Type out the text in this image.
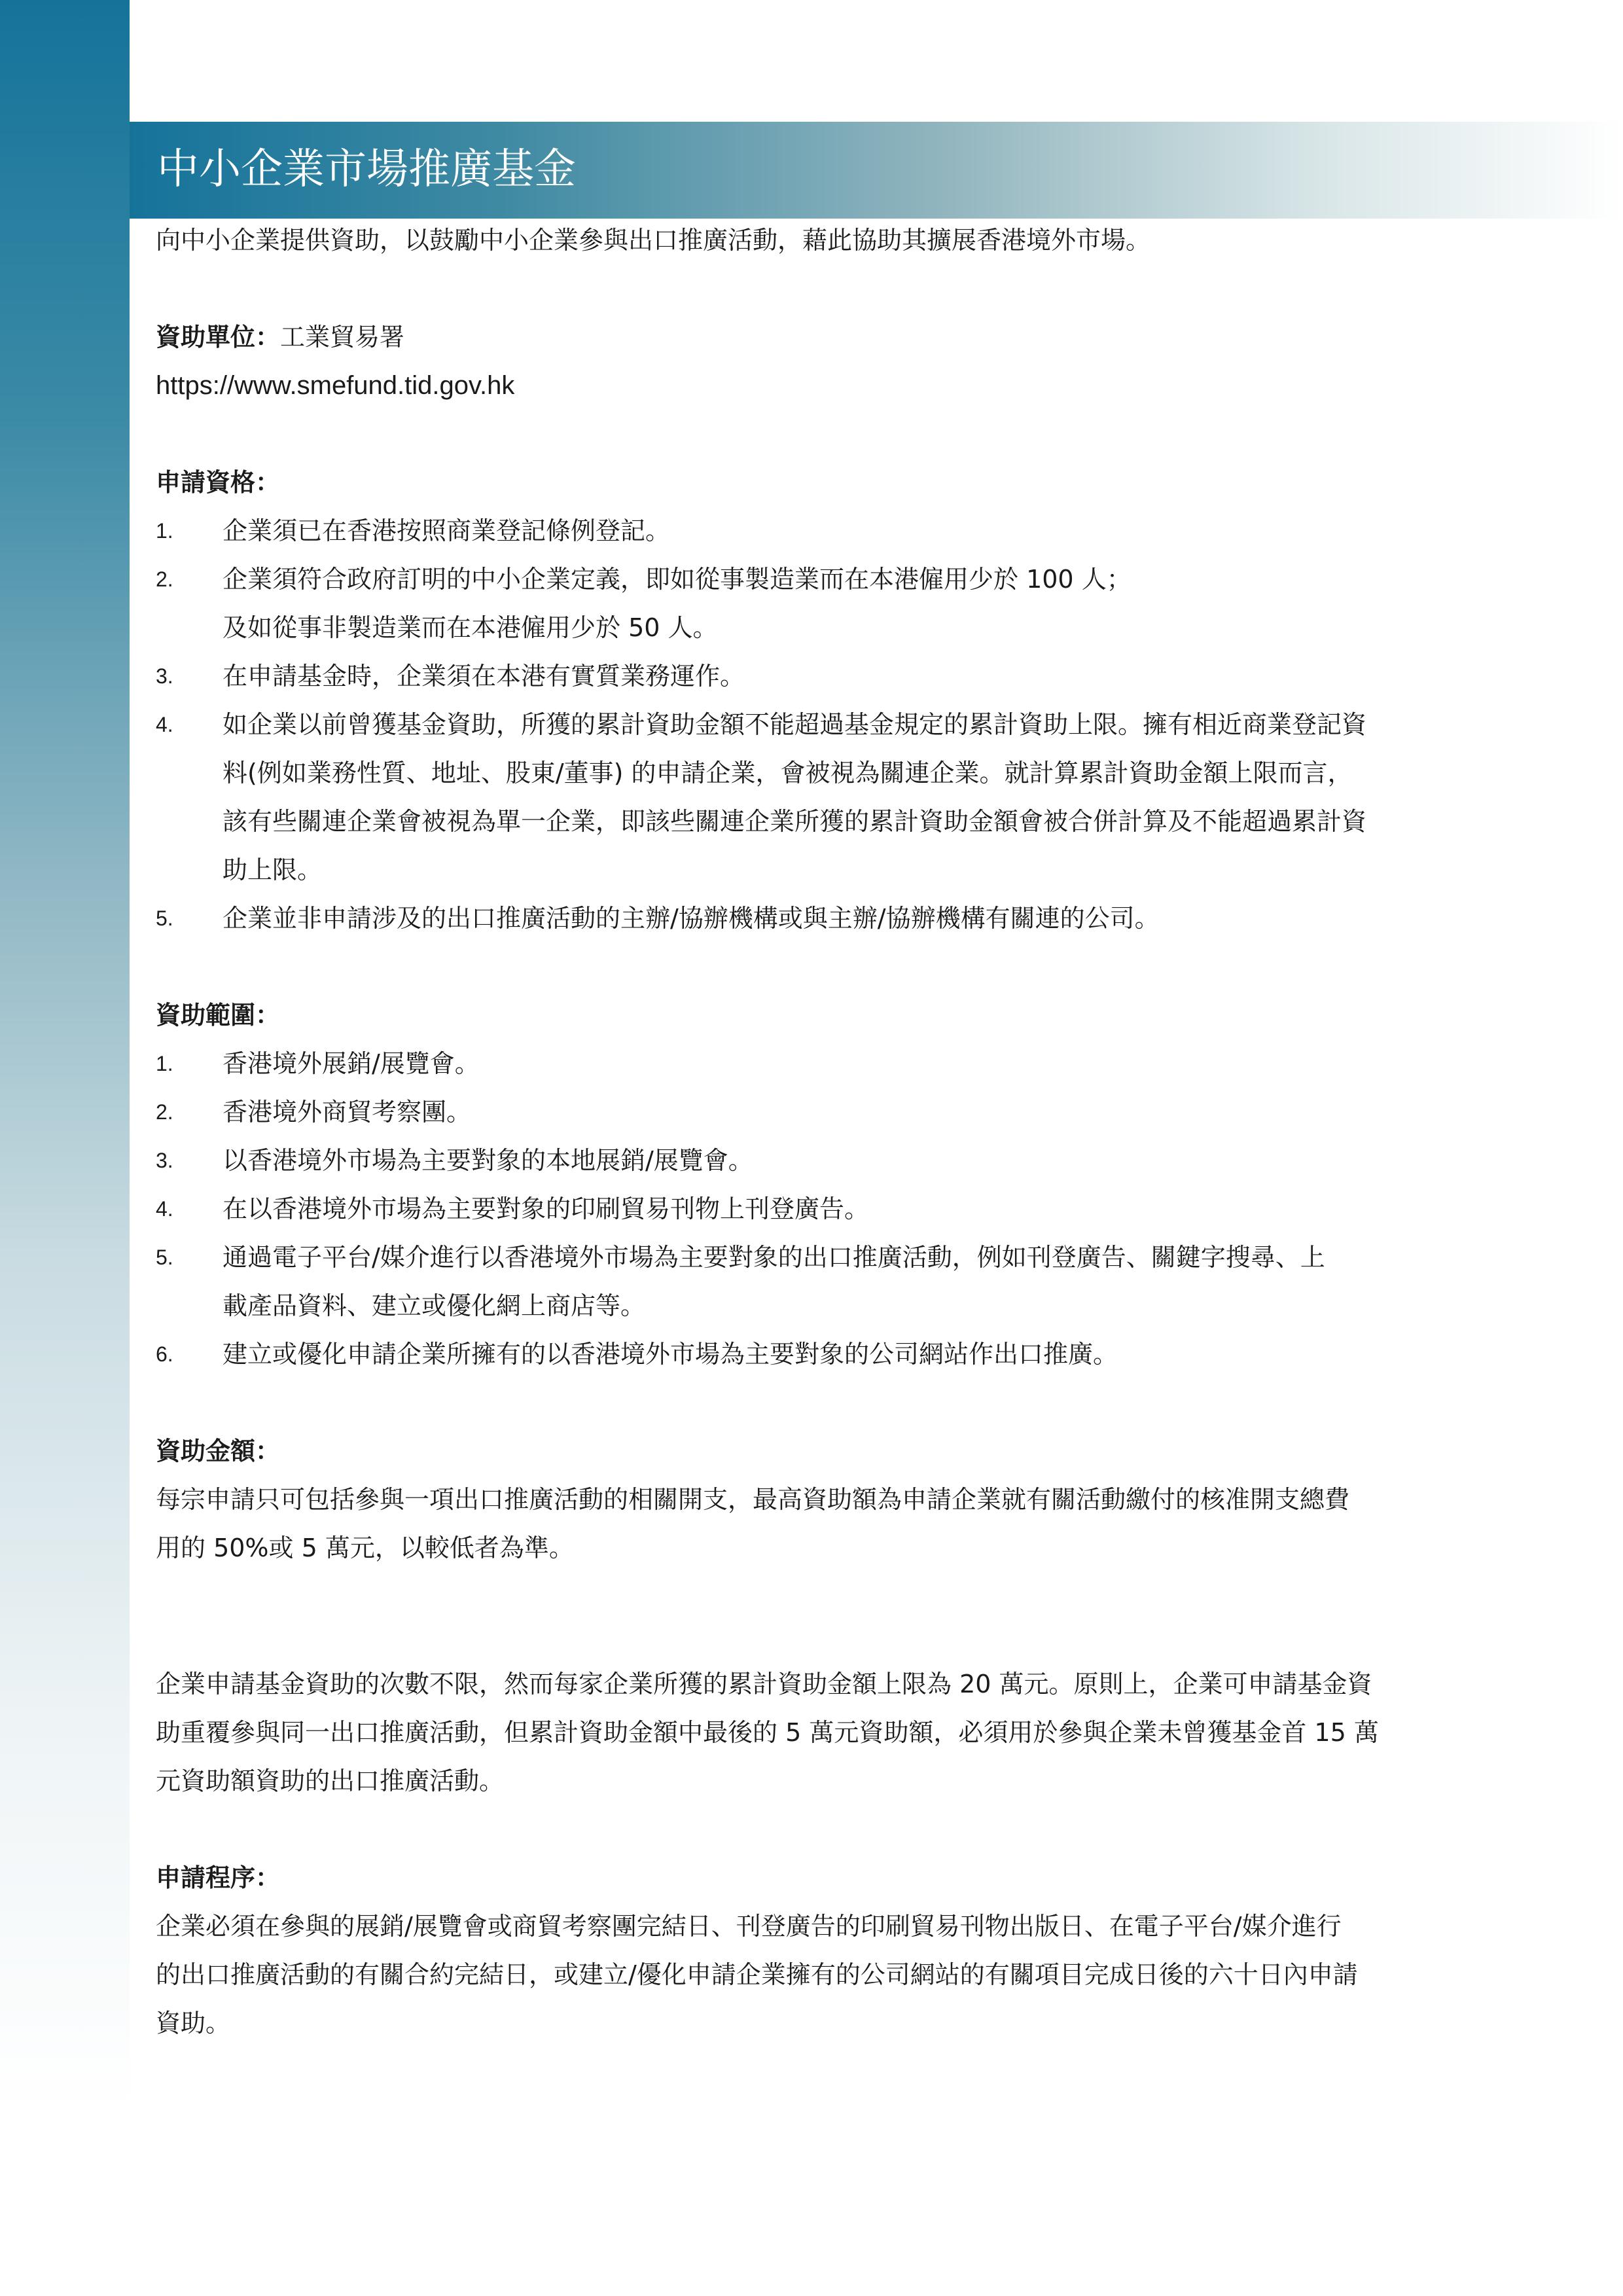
中小企業市場推廣基金

向中小企業提供資助，以鼓勵中小企業參與出口推廣活動，藉此協助其擴展香港境外市場。

資助單位：工業貿易署

https://www.smefund.tid.gov.hk

申請資格：

1.	企業須已在香港按照商業登記條例登記。
2.	企業須符合政府訂明的中小企業定義，即如從事製造業而在本港僱用少於 100 人；
及如從事非製造業而在本港僱用少於 50 人。
3.	在申請基金時，企業須在本港有實質業務運作。
4.	如企業以前曾獲基金資助，所獲的累計資助金額不能超過基金規定的累計資助上限。擁有相近商業登記資
料(例如業務性質、地址、股東/董事) 的申請企業，會被視為關連企業。就計算累計資助金額上限而言，
該有些關連企業會被視為單一企業，即該些關連企業所獲的累計資助金額會被合併計算及不能超過累計資
助上限。
5.	企業並非申請涉及的出口推廣活動的主辦/協辦機構或與主辦/協辦機構有關連的公司。

資助範圍：

1.	香港境外展銷/展覽會。
2.	香港境外商貿考察團。
3.	以香港境外市場為主要對象的本地展銷/展覽會。
4.	在以香港境外市場為主要對象的印刷貿易刊物上刊登廣告。
5.	通過電子平台/媒介進行以香港境外市場為主要對象的出口推廣活動，例如刊登廣告、關鍵字搜尋、上
載產品資料、建立或優化網上商店等。
6.	建立或優化申請企業所擁有的以香港境外市場為主要對象的公司網站作出口推廣。

資助金額：

每宗申請只可包括參與一項出口推廣活動的相關開支，最高資助額為申請企業就有關活動繳付的核准開支總費
用的 50%或 5 萬元，以較低者為準。
企業申請基金資助的次數不限，然而每家企業所獲的累計資助金額上限為 20 萬元。原則上，企業可申請基金資
助重覆參與同一出口推廣活動，但累計資助金額中最後的 5 萬元資助額，必須用於參與企業未曾獲基金首 15 萬
元資助額資助的出口推廣活動。

申請程序：

企業必須在參與的展銷/展覽會或商貿考察團完結日、刊登廣告的印刷貿易刊物出版日、在電子平台/媒介進行
的出口推廣活動的有關合約完結日，或建立/優化申請企業擁有的公司網站的有關項目完成日後的六十日內申請
資助。
